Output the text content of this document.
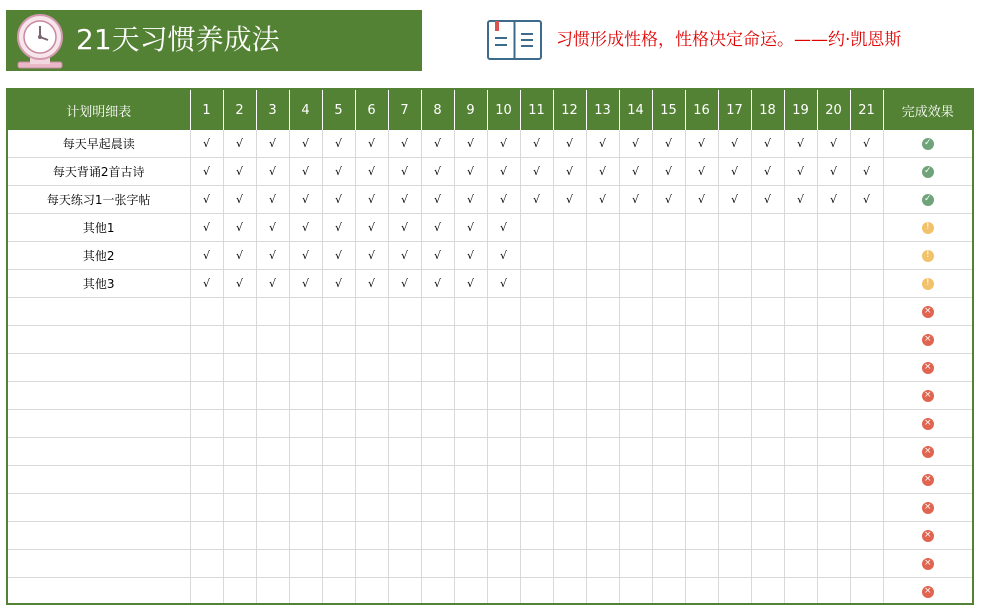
21天习惯养成法	习惯形成性格，性格决定命运。——约·凯恩斯
计划明细表	1	2	3	4	5	6	7	8	9	10	11	12	13	14	15	16	17	18	19	20	21	完成效果
每天早起晨读	√	√	√	√	√	√	√	√	√	√	√	√	√	√	√	√	√	√	√	√	√	✓

每天背诵2首古诗	√	√	√	√	√	√	√	√	√	√	√	√	√	√	√	√	√	√	√	√	√	✓

每天练习1一张字帖	√	√	√	√	√	√	√	√	√	√	√	√	√	√	√	√	√	√	√	√	√	✓

其他1	√	√	√	√	√	√	√	√	√	√												!

其他2	√	√	√	√	√	√	√	√	√	√												!

其他3	√	√	√	√	√	√	√	√	√	√												!

																						×

																						×

																						×

																						×

																						×

																						×

																						×

																						×

																						×

																						×

																						×
